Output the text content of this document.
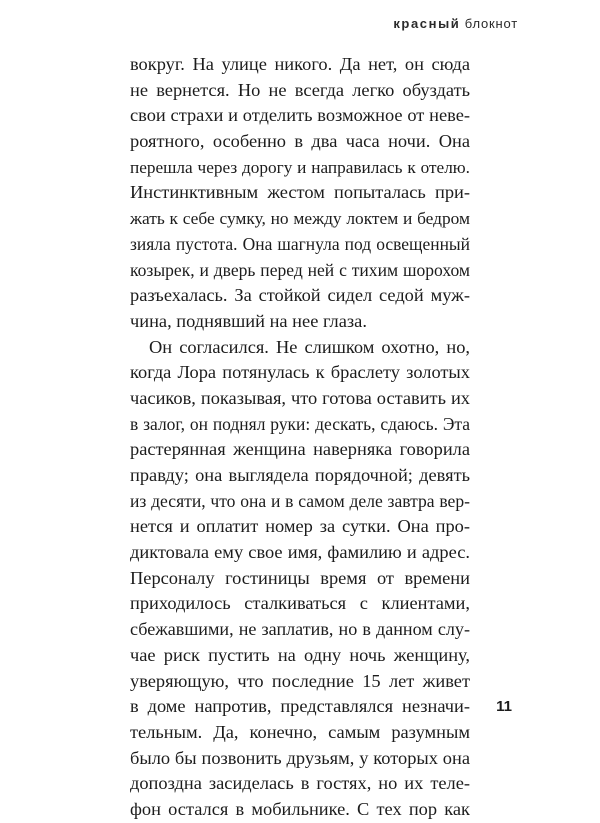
красный блокнот
вокруг. На улице никого. Да нет, он сюда
не вернется. Но не всегда легко обуздать
свои страхи и отделить возможное от неве-
роятного, особенно в два часа ночи. Она
перешла через дорогу и направилась к отелю.
Инстинктивным жестом попыталась при-
жать к себе сумку, но между локтем и бедром
зияла пустота. Она шагнула под освещенный
козырек, и дверь перед ней с тихим шорохом
разъехалась. За стойкой сидел седой муж-
чина, поднявший на нее глаза.
Он согласился. Не слишком охотно, но,
когда Лора потянулась к браслету золотых
часиков, показывая, что готова оставить их
в залог, он поднял руки: дескать, сдаюсь. Эта
растерянная женщина наверняка говорила
правду; она выглядела порядочной; девять
из десяти, что она и в самом деле завтра вер-
нется и оплатит номер за сутки. Она про-
диктовала ему свое имя, фамилию и адрес.
Персоналу гостиницы время от времени
приходилось сталкиваться с клиентами,
сбежавшими, не заплатив, но в данном слу-
чае риск пустить на одну ночь женщину,
уверяющую, что последние 15 лет живет
в доме напротив, представлялся незначи-
тельным. Да, конечно, самым разумным
было бы позвонить друзьям, у которых она
допоздна засиделась в гостях, но их теле-
фон остался в мобильнике. С тех пор как
11
